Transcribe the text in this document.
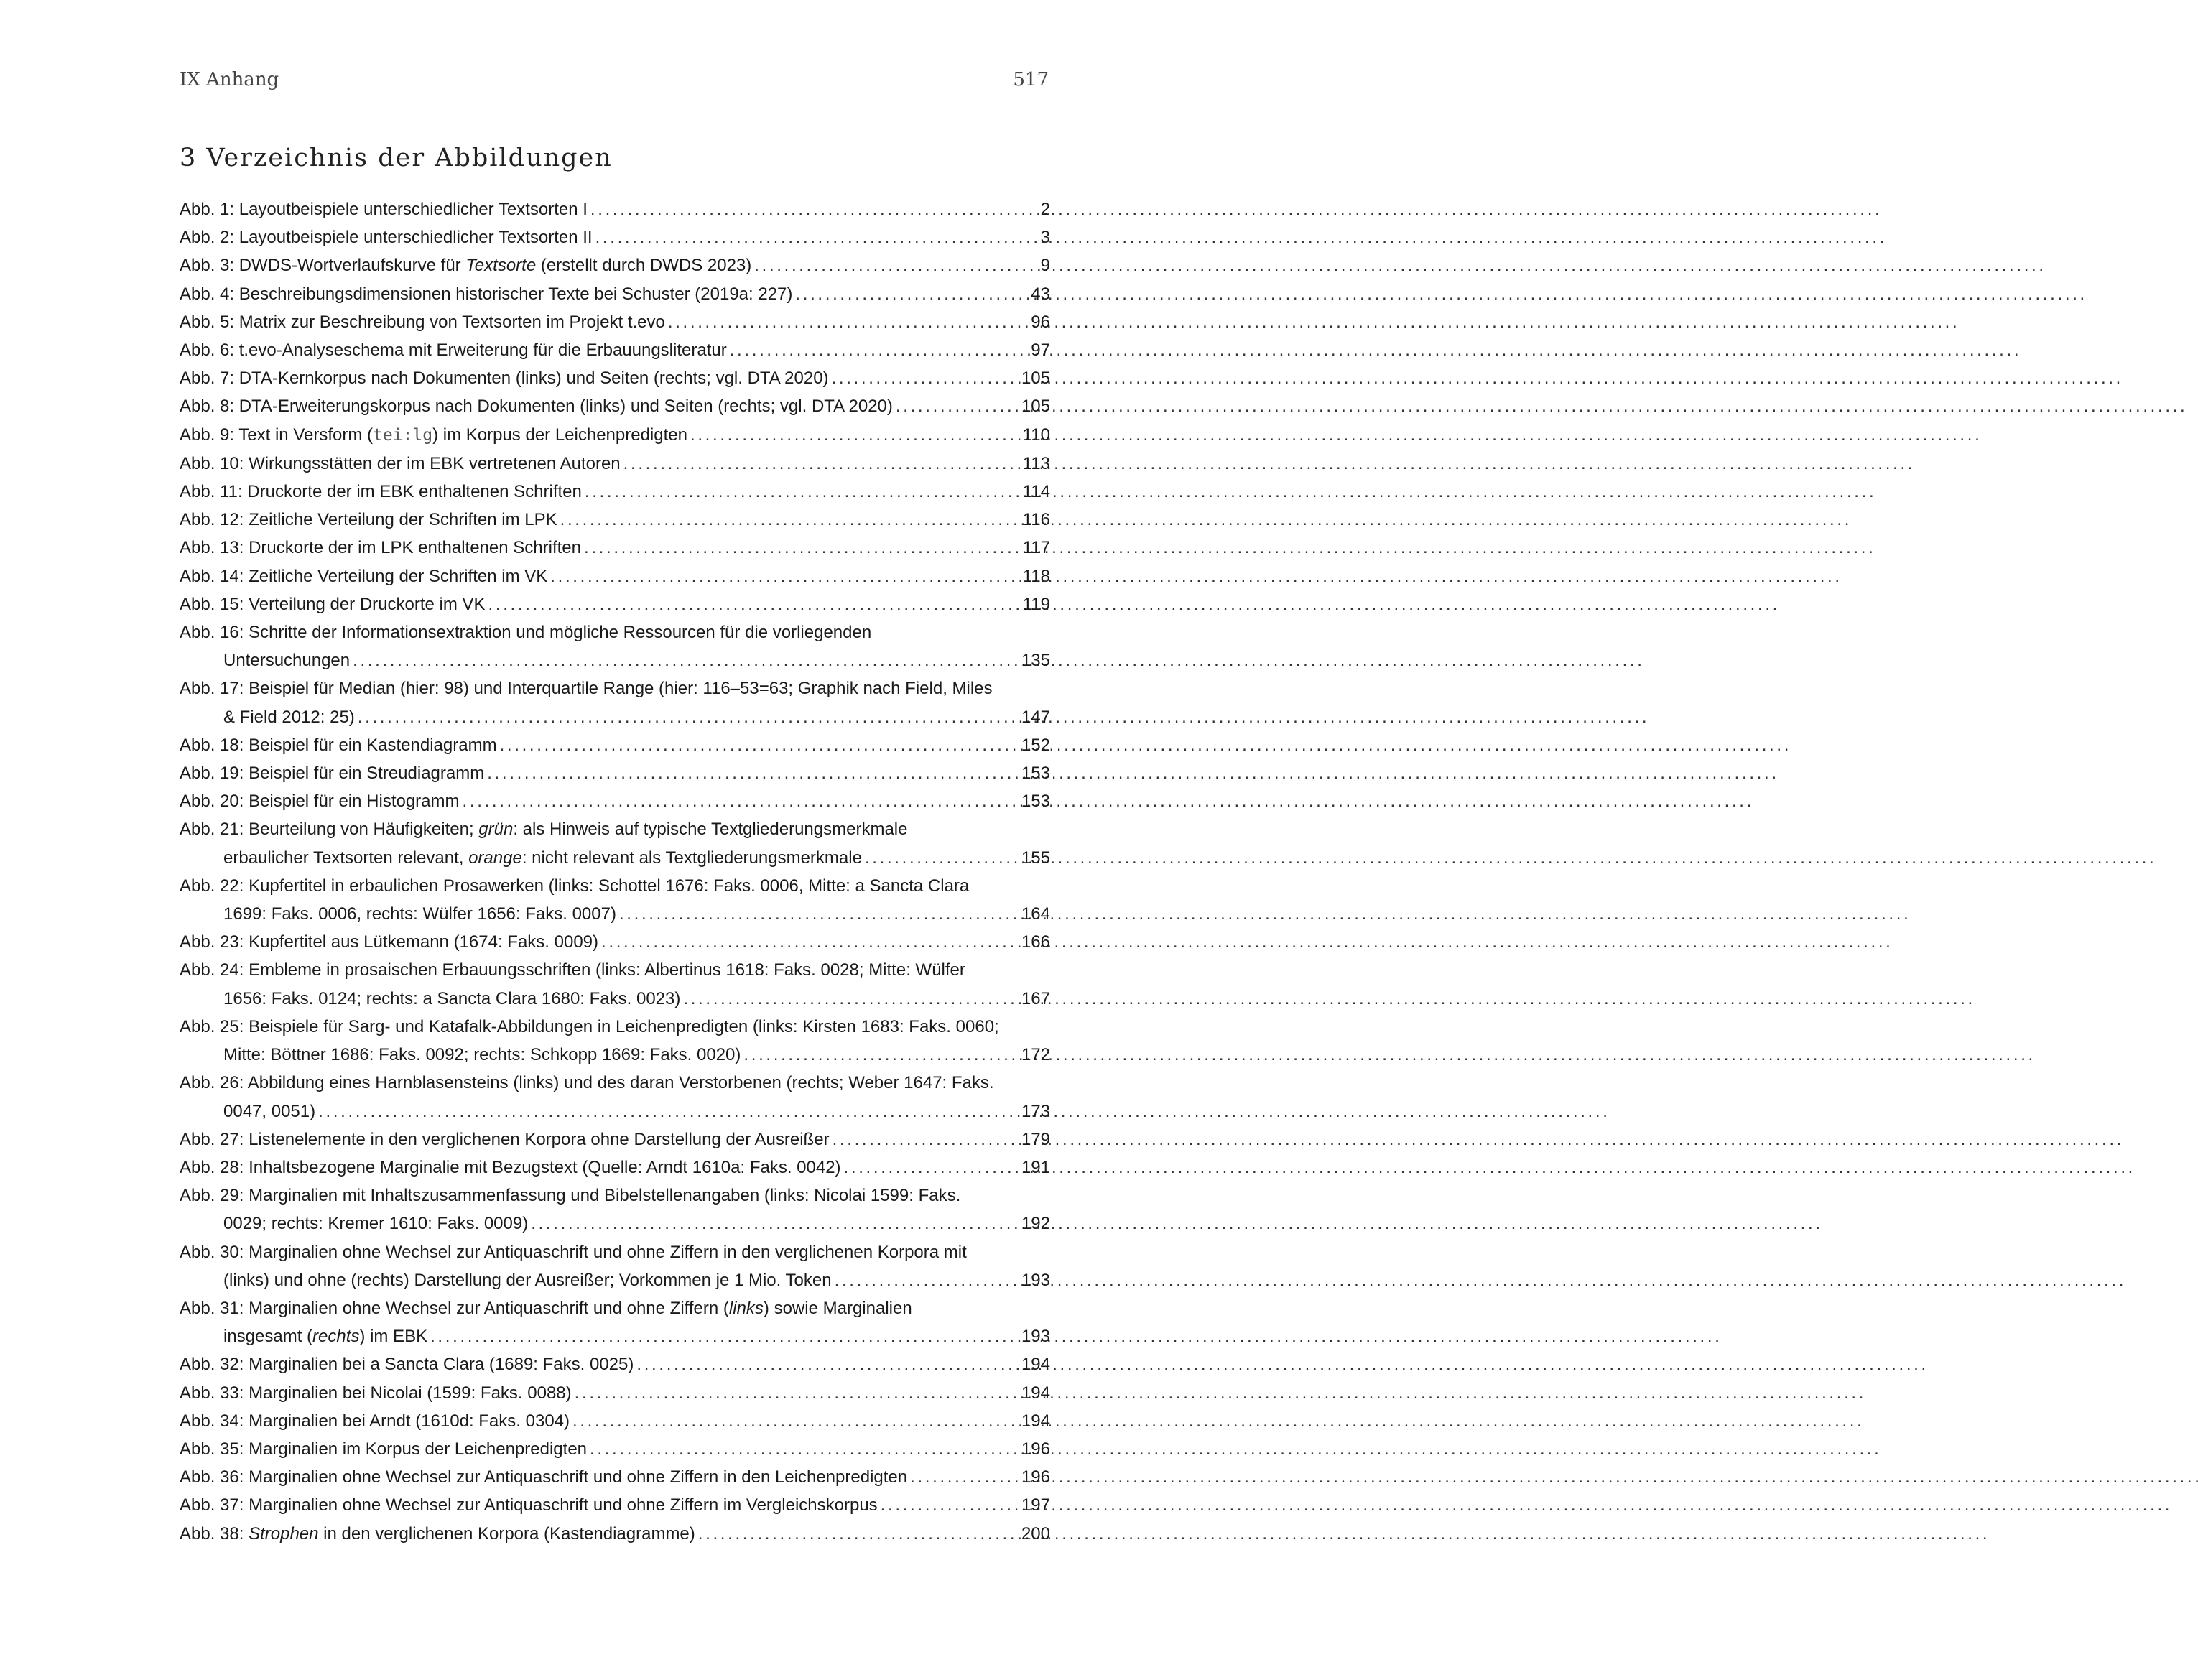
IX Anhang	517
3 Verzeichnis der Abbildungen
Abb. 1: Layoutbeispiele unterschiedlicher Textsorten I . . .	2
Abb. 2: Layoutbeispiele unterschiedlicher Textsorten II . . .	3
Abb. 3: DWDS-Wortverlaufskurve für Textsorte (erstellt durch DWDS 2023) . . .	9
Abb. 4: Beschreibungsdimensionen historischer Texte bei Schuster (2019a: 227) . . .	43
Abb. 5: Matrix zur Beschreibung von Textsorten im Projekt t.evo . . .	96
Abb. 6: t.evo-Analyseschema mit Erweiterung für die Erbauungsliteratur . . .	97
Abb. 7: DTA-Kernkorpus nach Dokumenten (links) und Seiten (rechts; vgl. DTA 2020) . . .	105
Abb. 8: DTA-Erweiterungskorpus nach Dokumenten (links) und Seiten (rechts; vgl. DTA 2020) . . .	105
Abb. 9: Text in Versform (tei:lg) im Korpus der Leichenpredigten . . .	110
Abb. 10: Wirkungsstätten der im EBK vertretenen Autoren . . .	113
Abb. 11: Druckorte der im EBK enthaltenen Schriften . . .	114
Abb. 12: Zeitliche Verteilung der Schriften im LPK . . .	116
Abb. 13: Druckorte der im LPK enthaltenen Schriften . . .	117
Abb. 14: Zeitliche Verteilung der Schriften im VK . . .	118
Abb. 15: Verteilung der Druckorte im VK . . .	119
Abb. 16: Schritte der Informationsextraktion und mögliche Ressourcen für die vorliegenden
Untersuchungen . . .	135
Abb. 17: Beispiel für Median (hier: 98) und Interquartile Range (hier: 116–53=63; Graphik nach Field, Miles
& Field 2012: 25) . . .	147
Abb. 18: Beispiel für ein Kastendiagramm . . .	152
Abb. 19: Beispiel für ein Streudiagramm . . .	153
Abb. 20: Beispiel für ein Histogramm . . .	153
Abb. 21: Beurteilung von Häufigkeiten; grün: als Hinweis auf typische Textgliederungsmerkmale
erbaulicher Textsorten relevant, orange: nicht relevant als Textgliederungsmerkmale . . .	155
Abb. 22: Kupfertitel in erbaulichen Prosawerken (links: Schottel 1676: Faks. 0006, Mitte: a Sancta Clara
1699: Faks. 0006, rechts: Wülfer 1656: Faks. 0007) . . .	164
Abb. 23: Kupfertitel aus Lütkemann (1674: Faks. 0009) . . .	166
Abb. 24: Embleme in prosaischen Erbauungsschriften (links: Albertinus 1618: Faks. 0028; Mitte: Wülfer
1656: Faks. 0124; rechts: a Sancta Clara 1680: Faks. 0023) . . .	167
Abb. 25: Beispiele für Sarg- und Katafalk-Abbildungen in Leichenpredigten (links: Kirsten 1683: Faks. 0060;
Mitte: Böttner 1686: Faks. 0092; rechts: Schkopp 1669: Faks. 0020) . . .	172
Abb. 26: Abbildung eines Harnblasensteins (links) und des daran Verstorbenen (rechts; Weber 1647: Faks.
0047, 0051) . . .	173
Abb. 27: Listenelemente in den verglichenen Korpora ohne Darstellung der Ausreißer . . .	179
Abb. 28: Inhaltsbezogene Marginalie mit Bezugstext (Quelle: Arndt 1610a: Faks. 0042) . . .	191
Abb. 29: Marginalien mit Inhaltszusammenfassung und Bibelstellenangaben (links: Nicolai 1599: Faks.
0029; rechts: Kremer 1610: Faks. 0009) . . .	192
Abb. 30: Marginalien ohne Wechsel zur Antiquaschrift und ohne Ziffern in den verglichenen Korpora mit
(links) und ohne (rechts) Darstellung der Ausreißer; Vorkommen je 1 Mio. Token . . .	193
Abb. 31: Marginalien ohne Wechsel zur Antiquaschrift und ohne Ziffern (links) sowie Marginalien
insgesamt (rechts) im EBK . . .	193
Abb. 32: Marginalien bei a Sancta Clara (1689: Faks. 0025) . . .	194
Abb. 33: Marginalien bei Nicolai (1599: Faks. 0088) . . .	194
Abb. 34: Marginalien bei Arndt (1610d: Faks. 0304) . . .	194
Abb. 35: Marginalien im Korpus der Leichenpredigten . . .	196
Abb. 36: Marginalien ohne Wechsel zur Antiquaschrift und ohne Ziffern in den Leichenpredigten . . .	196
Abb. 37: Marginalien ohne Wechsel zur Antiquaschrift und ohne Ziffern im Vergleichskorpus . . .	197
Abb. 38: Strophen in den verglichenen Korpora (Kastendiagramme) . . .	200
